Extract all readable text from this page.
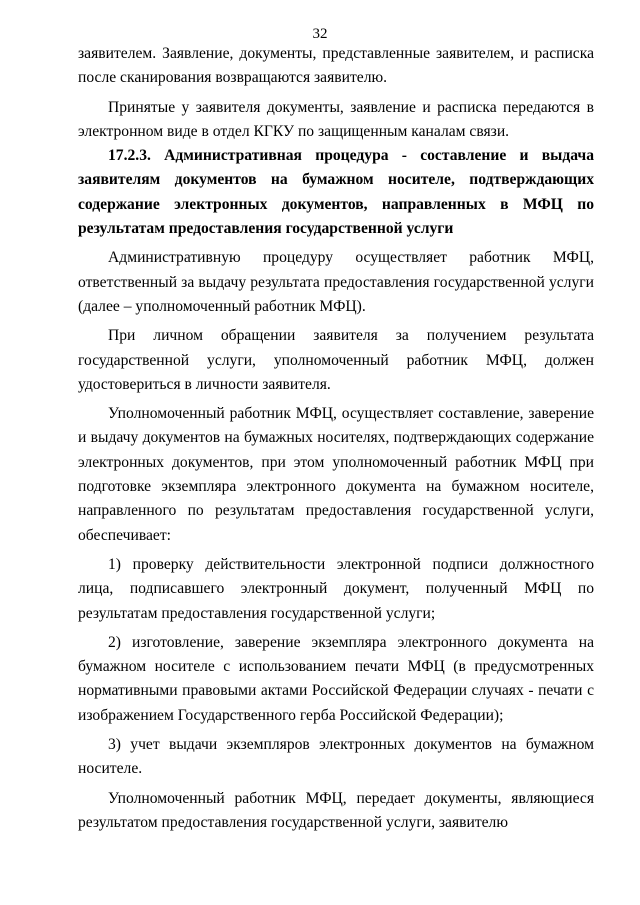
32

заявителем. Заявление, документы, представленные заявителем, и расписка после сканирования возвращаются заявителю.

Принятые у заявителя документы, заявление и расписка передаются в электронном виде в отдел КГКУ по защищенным каналам связи.

17.2.3. Административная процедура - составление и выдача заявителям документов на бумажном носителе, подтверждающих содержание электронных документов, направленных в МФЦ по результатам предоставления государственной услуги

Административную процедуру осуществляет работник МФЦ, ответственный за выдачу результата предоставления государственной услуги (далее – уполномоченный работник МФЦ).

При личном обращении заявителя за получением результата государственной услуги, уполномоченный работник МФЦ, должен удостовериться в личности заявителя.

Уполномоченный работник МФЦ, осуществляет составление, заверение и выдачу документов на бумажных носителях, подтверждающих содержание электронных документов, при этом уполномоченный работник МФЦ при подготовке экземпляра электронного документа на бумажном носителе, направленного по результатам предоставления государственной услуги, обеспечивает:

1) проверку действительности электронной подписи должностного лица, подписавшего электронный документ, полученный МФЦ по результатам предоставления государственной услуги;

2) изготовление, заверение экземпляра электронного документа на бумажном носителе с использованием печати МФЦ (в предусмотренных нормативными правовыми актами Российской Федерации случаях - печати с изображением Государственного герба Российской Федерации);

3) учет выдачи экземпляров электронных документов на бумажном носителе.

Уполномоченный работник МФЦ, передает документы, являющиеся результатом предоставления государственной услуги, заявителю
